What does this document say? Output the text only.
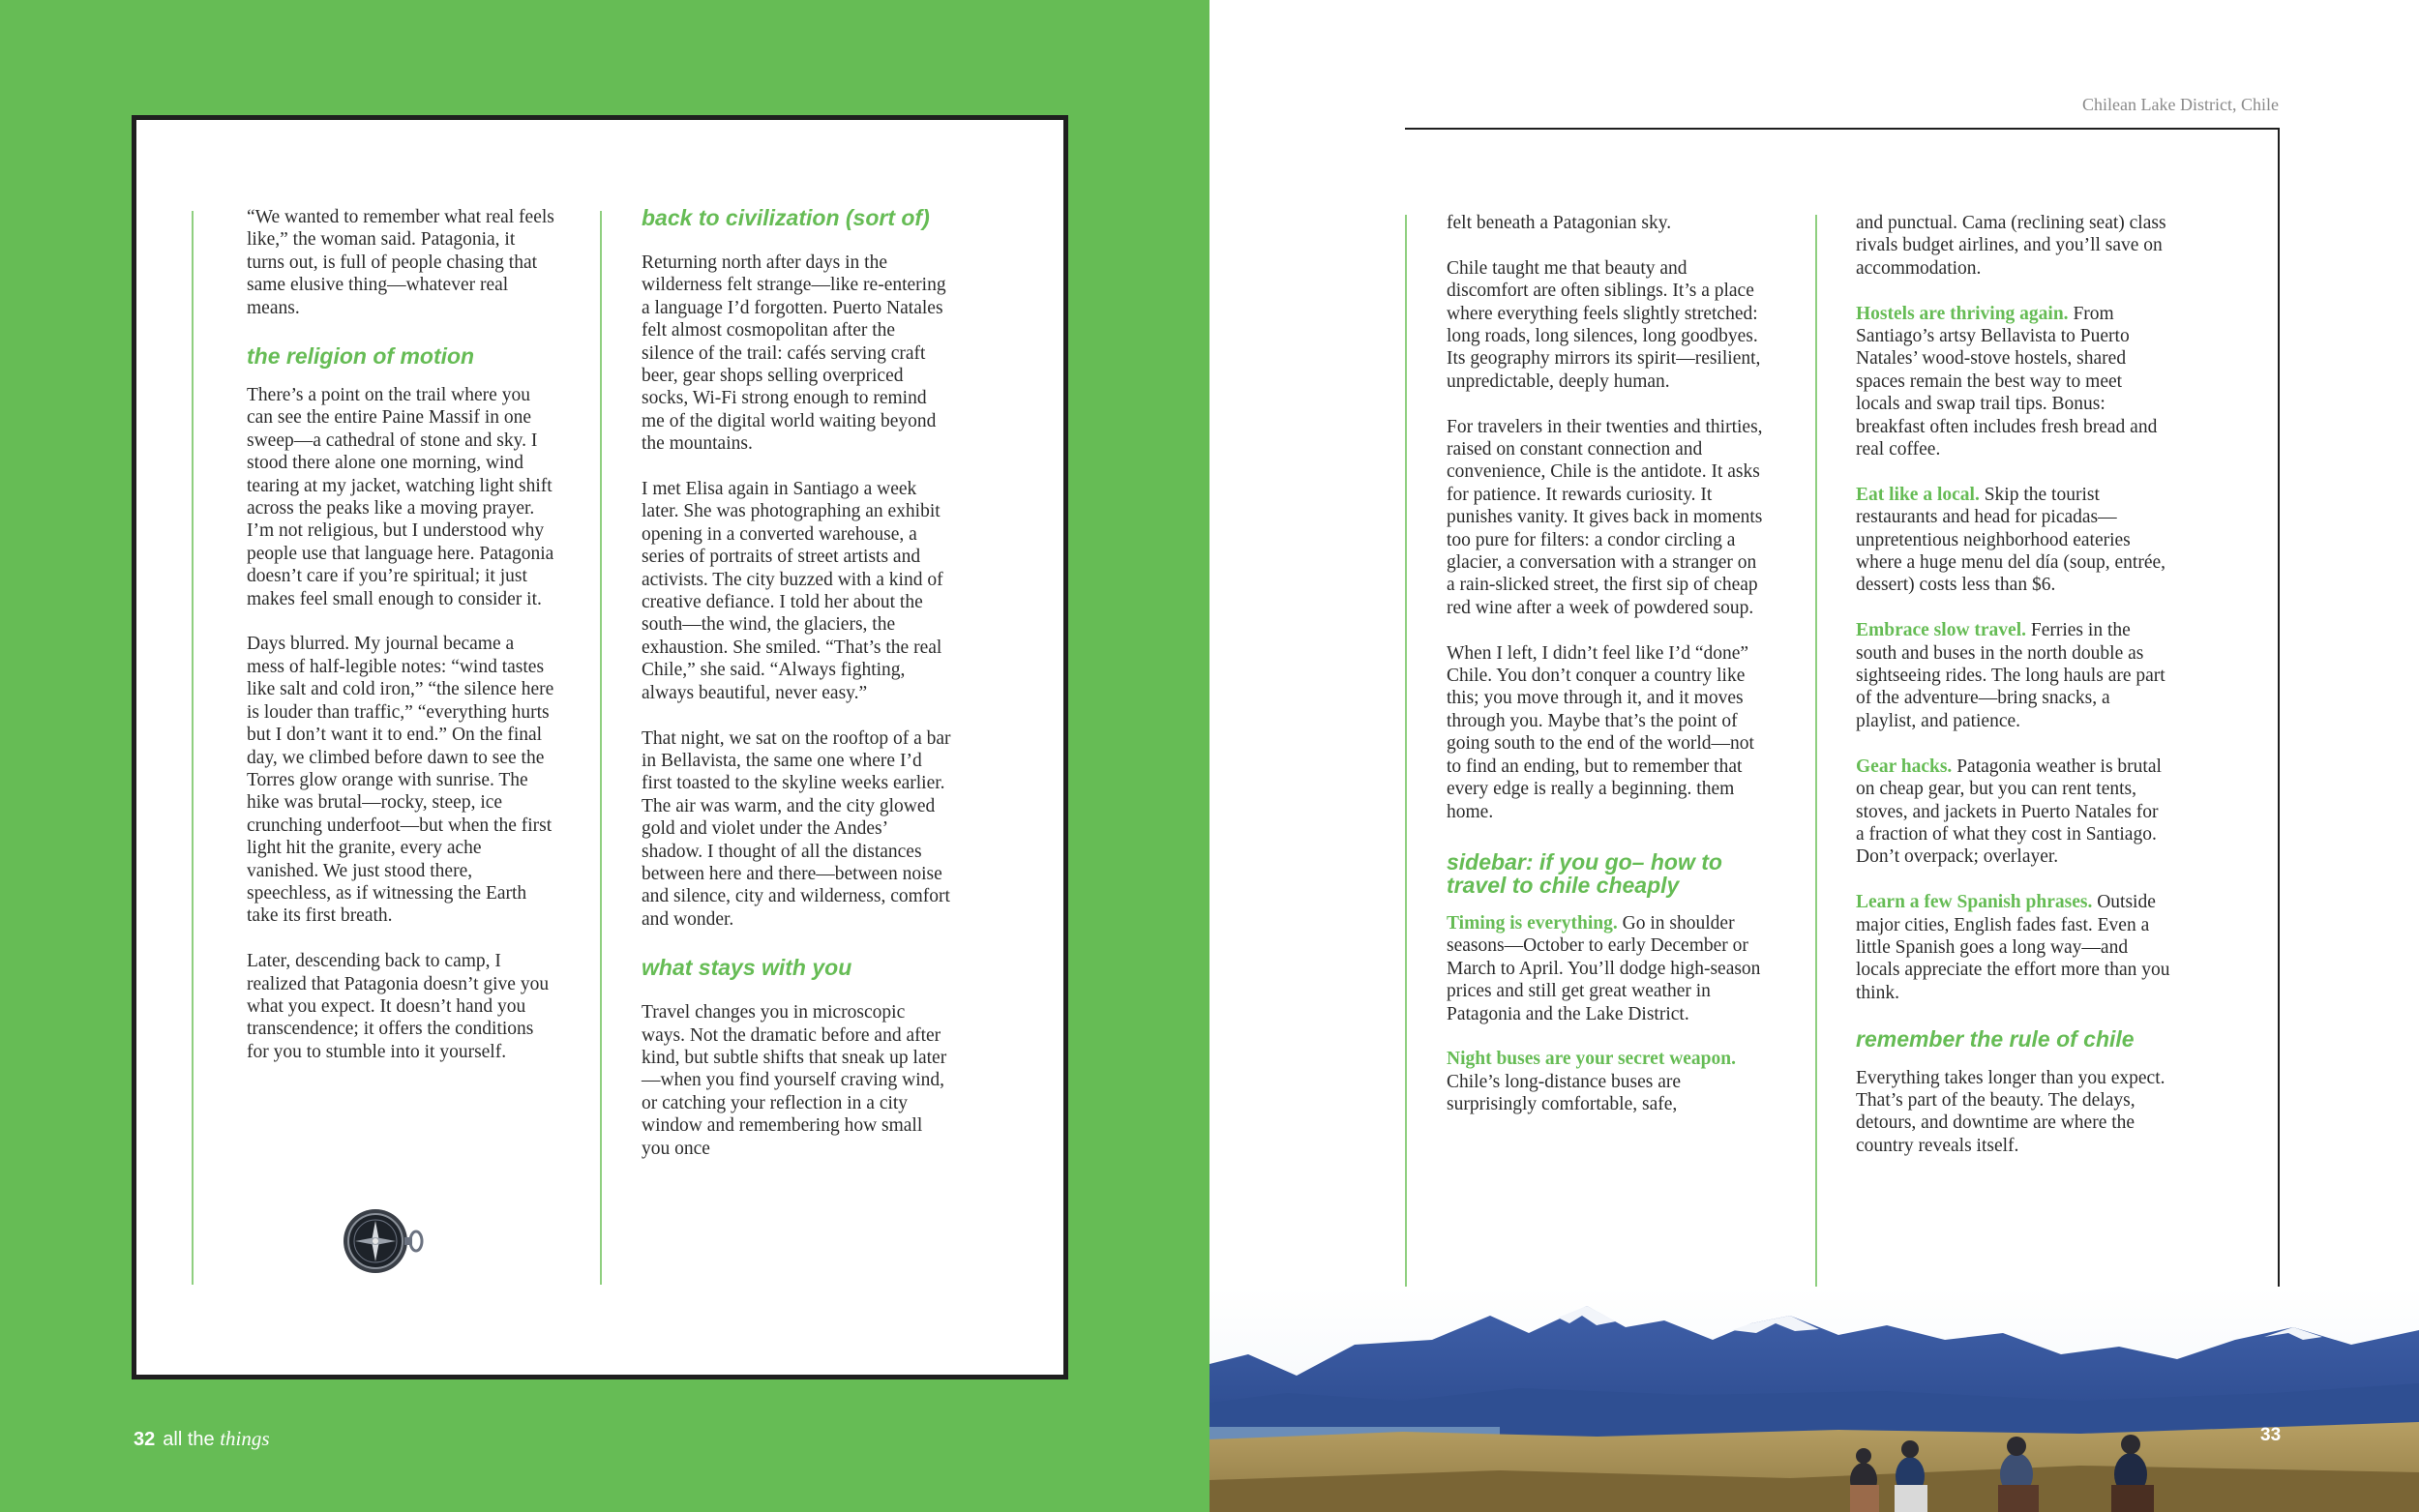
“We wanted to remember what real feels like,” the woman said. Patagonia, it turns out, is full of people chasing that same elusive thing—whatever real means.

the religion of motion

There’s a point on the trail where you can see the entire Paine Massif in one sweep—a cathedral of stone and sky. I stood there alone one morning, wind tearing at my jacket, watching light shift across the peaks like a moving prayer. I’m not religious, but I understood why people use that language here. Patagonia doesn’t care if you’re spiritual; it just makes feel small enough to consider it.

Days blurred. My journal became a mess of half-legible notes: “wind tastes like salt and cold iron,” “the silence here is louder than traffic,” “everything hurts but I don’t want it to end.” On the final day, we climbed before dawn to see the Torres glow orange with sunrise. The hike was brutal—rocky, steep, ice crunching underfoot—but when the first light hit the granite, every ache vanished. We just stood there, speechless, as if witnessing the Earth take its first breath.

Later, descending back to camp, I realized that Patagonia doesn’t give you what you expect. It doesn’t hand you transcendence; it offers the conditions for you to stumble into it yourself.

back to civilization (sort of)

Returning north after days in the wilderness felt strange—like re-entering a language I’d forgotten. Puerto Natales felt almost cosmopolitan after the silence of the trail: cafés serving craft beer, gear shops selling overpriced socks, Wi-Fi strong enough to remind me of the digital world waiting beyond the mountains.

I met Elisa again in Santiago a week later. She was photographing an exhibit opening in a converted warehouse, a series of portraits of street artists and activists. The city buzzed with a kind of creative defiance. I told her about the south—the wind, the glaciers, the exhaustion. She smiled. “That’s the real Chile,” she said. “Always fighting, always beautiful, never easy.”

That night, we sat on the rooftop of a bar in Bellavista, the same one where I’d first toasted to the skyline weeks earlier. The air was warm, and the city glowed gold and violet under the Andes’ shadow. I thought of all the distances between here and there—between noise and silence, city and wilderness, comfort and wonder.

what stays with you

Travel changes you in microscopic ways. Not the dramatic before and after kind, but subtle shifts that sneak up later—when you find yourself craving wind, or catching your reflection in a city window and remembering how small you once

Chilean Lake District, Chile

felt beneath a Patagonian sky.

Chile taught me that beauty and discomfort are often siblings. It’s a place where everything feels slightly stretched: long roads, long silences, long goodbyes. Its geography mirrors its spirit—resilient, unpredictable, deeply human.

For travelers in their twenties and thirties, raised on constant connection and convenience, Chile is the antidote. It asks for patience. It rewards curiosity. It punishes vanity. It gives back in moments too pure for filters: a condor circling a glacier, a conversation with a stranger on a rain-slicked street, the first sip of cheap red wine after a week of powdered soup.

When I left, I didn’t feel like I’d “done” Chile. You don’t conquer a country like this; you move through it, and it moves through you. Maybe that’s the point of going south to the end of the world—not to find an ending, but to remember that every edge is really a beginning. them home.

sidebar: if you go– how to travel to chile cheaply

Timing is everything. Go in shoulder seasons—October to early December or March to April. You’ll dodge high-season prices and still get great weather in Patagonia and the Lake District.

Night buses are your secret weapon. Chile’s long-distance buses are surprisingly comfortable, safe,

and punctual. Cama (reclining seat) class rivals budget airlines, and you’ll save on accommodation.

Hostels are thriving again. From Santiago’s artsy Bellavista to Puerto Natales’ wood-stove hostels, shared spaces remain the best way to meet locals and swap trail tips. Bonus: breakfast often includes fresh bread and real coffee.

Eat like a local. Skip the tourist restaurants and head for picadas—unpretentious neighborhood eateries where a huge menu del día (soup, entrée, dessert) costs less than $6.

Embrace slow travel. Ferries in the south and buses in the north double as sightseeing rides. The long hauls are part of the adventure—bring snacks, a playlist, and patience.

Gear hacks. Patagonia weather is brutal on cheap gear, but you can rent tents, stoves, and jackets in Puerto Natales for a fraction of what they cost in Santiago. Don’t overpack; overlayer.

Learn a few Spanish phrases. Outside major cities, English fades fast. Even a little Spanish goes a long way—and locals appreciate the effort more than you think.

remember the rule of chile

Everything takes longer than you expect. That’s part of the beauty. The delays, detours, and downtime are where the country reveals itself.

32 all the things	33
